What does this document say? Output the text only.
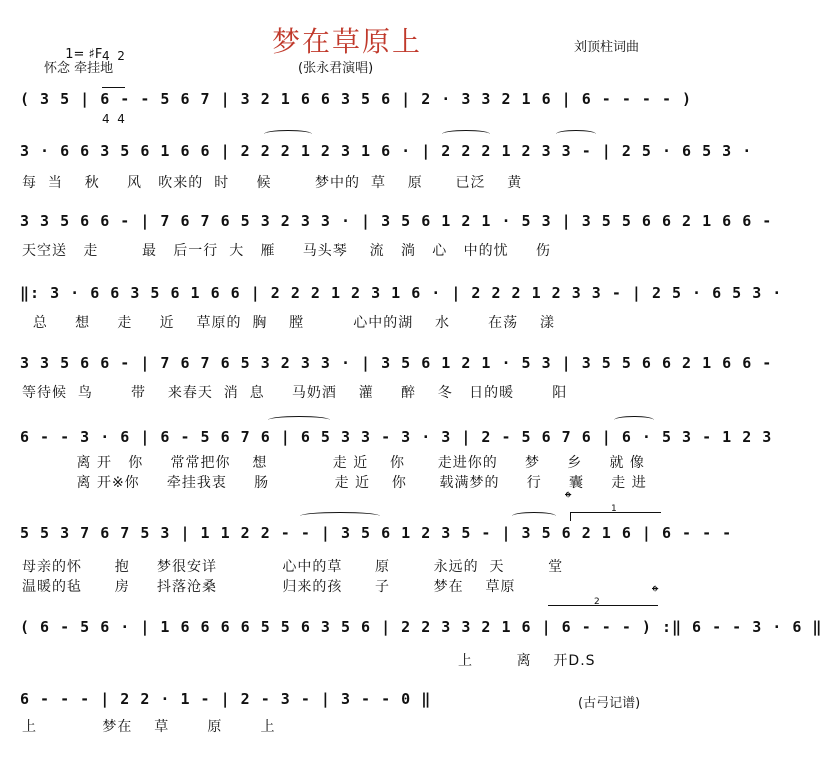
梦在草原上

1= ♯F

4  2

4  4

怀念 牵挂地	(张永君演唱)
刘顶柱词曲
( 3 5 | 6 - - 5 6 7 | 3 2 1 6 6 3 5 6 | 2 · 3 3 2 1 6 | 6 - - - - )
3 · 6 6 3 5 6 1 6 6 | 2 2 2 1 2 3 1 6 · | 2 2 2 1 2 3 3 - | 2 5 · 6 5 3 ·
每  当    秋     风   吹来的  时     候        梦中的  草    原      已泛    黄
3 3 5 6 6 - | 7 6 7 6 5 3 2 3 3 · | 3 5 6 1 2 1 · 5 3 | 3 5 5 6 6 2 1 6 6 -
天空送   走        最   后一行  大   雁     马头琴    流   淌   心   中的忧     伤
‖: 3 · 6 6 3 5 6 1 6 6 | 2 2 2 1 2 3 1 6 · | 2 2 2 1 2 3 3 - | 2 5 · 6 5 3 ·
总     想     走     近    草原的  胸    膛         心中的湖    水       在荡    漾
3 3 5 6 6 - | 7 6 7 6 5 3 2 3 3 · | 3 5 6 1 2 1 · 5 3 | 3 5 5 6 6 2 1 6 6 -
等待候  鸟       带    来春天  消  息     马奶酒    灌     醉    冬   日的暖       阳
6 - - 3 · 6 | 6 - 5 6 7 6 | 6 5 3 3 - 3 · 3 | 2 - 5 6 7 6 | 6 · 5 3 - 1 2 3
离 开   你     常常把你    想            走 近    你      走进你的     梦     乡     就 像
离 开※你     牵挂我衷     肠            走 近    你      载满梦的     行     囊     走 进
𝄌	1
5 5 3 7 6 7 5 3 | 1 1 2 2 - - | 3 5 6 1 2 3 5 - | 3 5 6 2 1 6 | 6 - - -
母亲的怀      抱     梦很安详            心中的草      原        永远的  天        堂
温暖的毡      房     抖落沧桑            归来的孩      子        梦在    草原	𝄌
2
( 6 - 5 6 · | 1 6 6 6 6 5 5 6 3 5 6 | 2 2 3 3 2 1 6 | 6 - - - ) :‖ 6 - - 3 · 6 ‖
上        离    开D.S
6 - - - | 2 2 · 1 - | 2 - 3 - | 3 - - 0 ‖
上            梦在    草       原       上
(古弓记谱)
